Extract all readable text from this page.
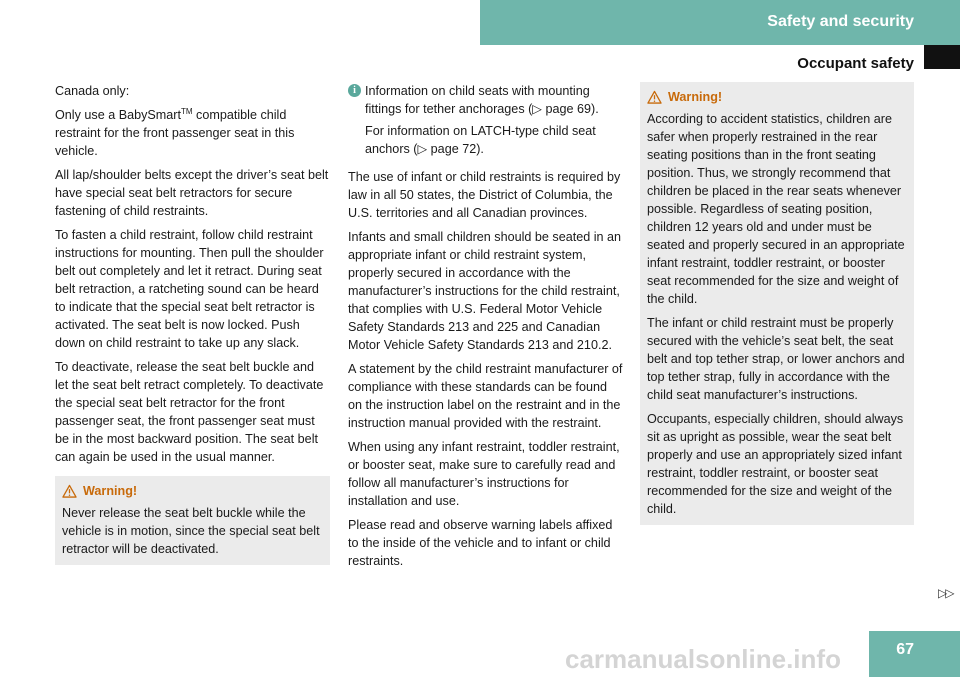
Safety and security
Occupant safety

Canada only:

Only use a BabySmart™ compatible child restraint for the front passenger seat in this vehicle.

All lap/shoulder belts except the driver’s seat belt have special seat belt retractors for secure fastening of child restraints.

To fasten a child restraint, follow child restraint instructions for mounting. Then pull the shoulder belt out completely and let it retract. During seat belt retraction, a ratcheting sound can be heard to indicate that the special seat belt retractor is activated. The seat belt is now locked. Push down on child restraint to take up any slack.

To deactivate, release the seat belt buckle and let the seat belt retract completely. To deactivate the special seat belt retractor for the front passenger seat, the front passenger seat must be in the most backward position. The seat belt can again be used in the usual manner.

Warning!

Never release the seat belt buckle while the vehicle is in motion, since the special seat belt retractor will be deactivated.

i Information on child seats with mounting fittings for tether anchorages (▷ page 69).

For information on LATCH-type child seat anchors (▷ page 72).

The use of infant or child restraints is required by law in all 50 states, the District of Columbia, the U.S. territories and all Canadian provinces.

Infants and small children should be seated in an appropriate infant or child restraint system, properly secured in accordance with the manufacturer’s instructions for the child restraint, that complies with U.S. Federal Motor Vehicle Safety Standards 213 and 225 and Canadian Motor Vehicle Safety Standards 213 and 210.2.

A statement by the child restraint manufacturer of compliance with these standards can be found on the instruction label on the restraint and in the instruction manual provided with the restraint.

When using any infant restraint, toddler restraint, or booster seat, make sure to carefully read and follow all manufacturer’s instructions for installation and use.

Please read and observe warning labels affixed to the inside of the vehicle and to infant or child restraints.

Warning!

According to accident statistics, children are safer when properly restrained in the rear seating positions than in the front seating position. Thus, we strongly recommend that children be placed in the rear seats whenever possible. Regardless of seating position, children 12 years old and under must be seated and properly secured in an appropriate infant restraint, toddler restraint, or booster seat recommended for the size and weight of the child.

The infant or child restraint must be properly secured with the vehicle’s seat belt, the seat belt and top tether strap, or lower anchors and top tether strap, fully in accordance with the child seat manufacturer’s instructions.

Occupants, especially children, should always sit as upright as possible, wear the seat belt properly and use an appropriately sized infant restraint, toddler restraint, or booster seat recommended for the size and weight of the child.

▷▷
carmanualsonline.info	67
